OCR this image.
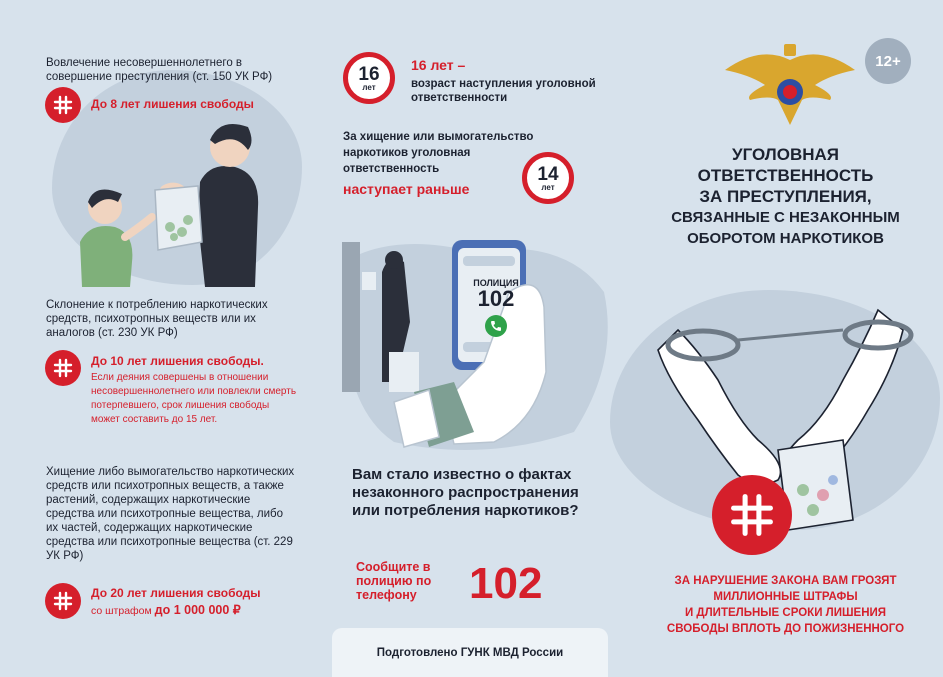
Вовлечение несовершеннолетнего в совершение преступления (ст. 150 УК РФ)
До 8 лет лишения свободы
Склонение к потреблению наркотических средств, психотропных веществ или их аналогов (ст. 230 УК РФ)
До 10 лет лишения свободы.
Если деяния совершены в отношении несовершеннолетнего или повлекли смерть потерпевшего, срок лишения свободы может составить до 15 лет.
Хищение либо вымогательство наркотических средств или психотропных веществ, а также растений, содержащих наркотические средства или психотропные вещества, либо их частей, содержащих наркотические средства или психотропные вещества (ст. 229 УК РФ)
До 20 лет лишения свободы
со штрафом до 1 000 000 ₽
16
лет
16 лет –
возраст наступления уголовной ответственности
За хищение или вымогательство наркотиков уголовная ответственность
наступает раньше
14
лет
ПОЛИЦИЯ
102
Вам стало известно о фактах незаконного распространения или потребления наркотиков?
Сообщите в полицию по телефону	102
Подготовлено ГУНК МВД России
12+
УГОЛОВНАЯ
ОТВЕТСТВЕННОСТЬ
ЗА ПРЕСТУПЛЕНИЯ,
СВЯЗАННЫЕ С НЕЗАКОННЫМ
ОБОРОТОМ НАРКОТИКОВ
ЗА НАРУШЕНИЕ ЗАКОНА ВАМ ГРОЗЯТ
МИЛЛИОННЫЕ ШТРАФЫ
И ДЛИТЕЛЬНЫЕ СРОКИ ЛИШЕНИЯ
СВОБОДЫ ВПЛОТЬ ДО ПОЖИЗНЕННОГО
